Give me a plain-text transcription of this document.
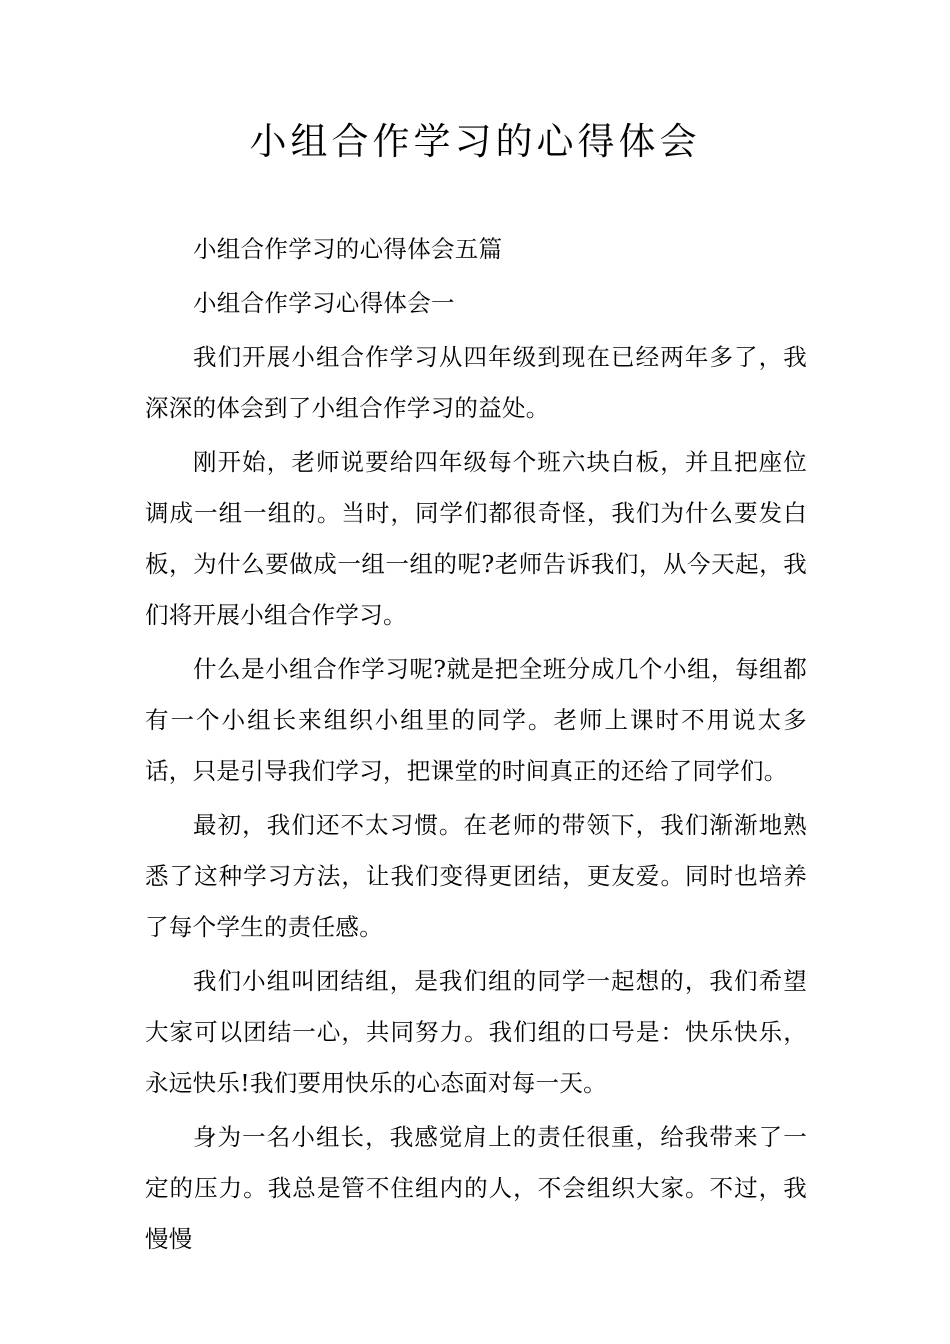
小组合作学习的心得体会

小组合作学习的心得体会五篇

小组合作学习心得体会一

我们开展小组合作学习从四年级到现在已经两年多了，我深深的体会到了小组合作学习的益处。

刚开始，老师说要给四年级每个班六块白板，并且把座位调成一组一组的。当时，同学们都很奇怪，我们为什么要发白板，为什么要做成一组一组的呢?老师告诉我们，从今天起，我们将开展小组合作学习。

什么是小组合作学习呢?就是把全班分成几个小组，每组都有一个小组长来组织小组里的同学。老师上课时不用说太多话，只是引导我们学习，把课堂的时间真正的还给了同学们。

最初，我们还不太习惯。在老师的带领下，我们渐渐地熟悉了这种学习方法，让我们变得更团结，更友爱。同时也培养了每个学生的责任感。

我们小组叫团结组，是我们组的同学一起想的，我们希望大家可以团结一心，共同努力。我们组的口号是：快乐快乐，永远快乐!我们要用快乐的心态面对每一天。

身为一名小组长，我感觉肩上的责任很重，给我带来了一定的压力。我总是管不住组内的人，不会组织大家。不过，我慢慢
